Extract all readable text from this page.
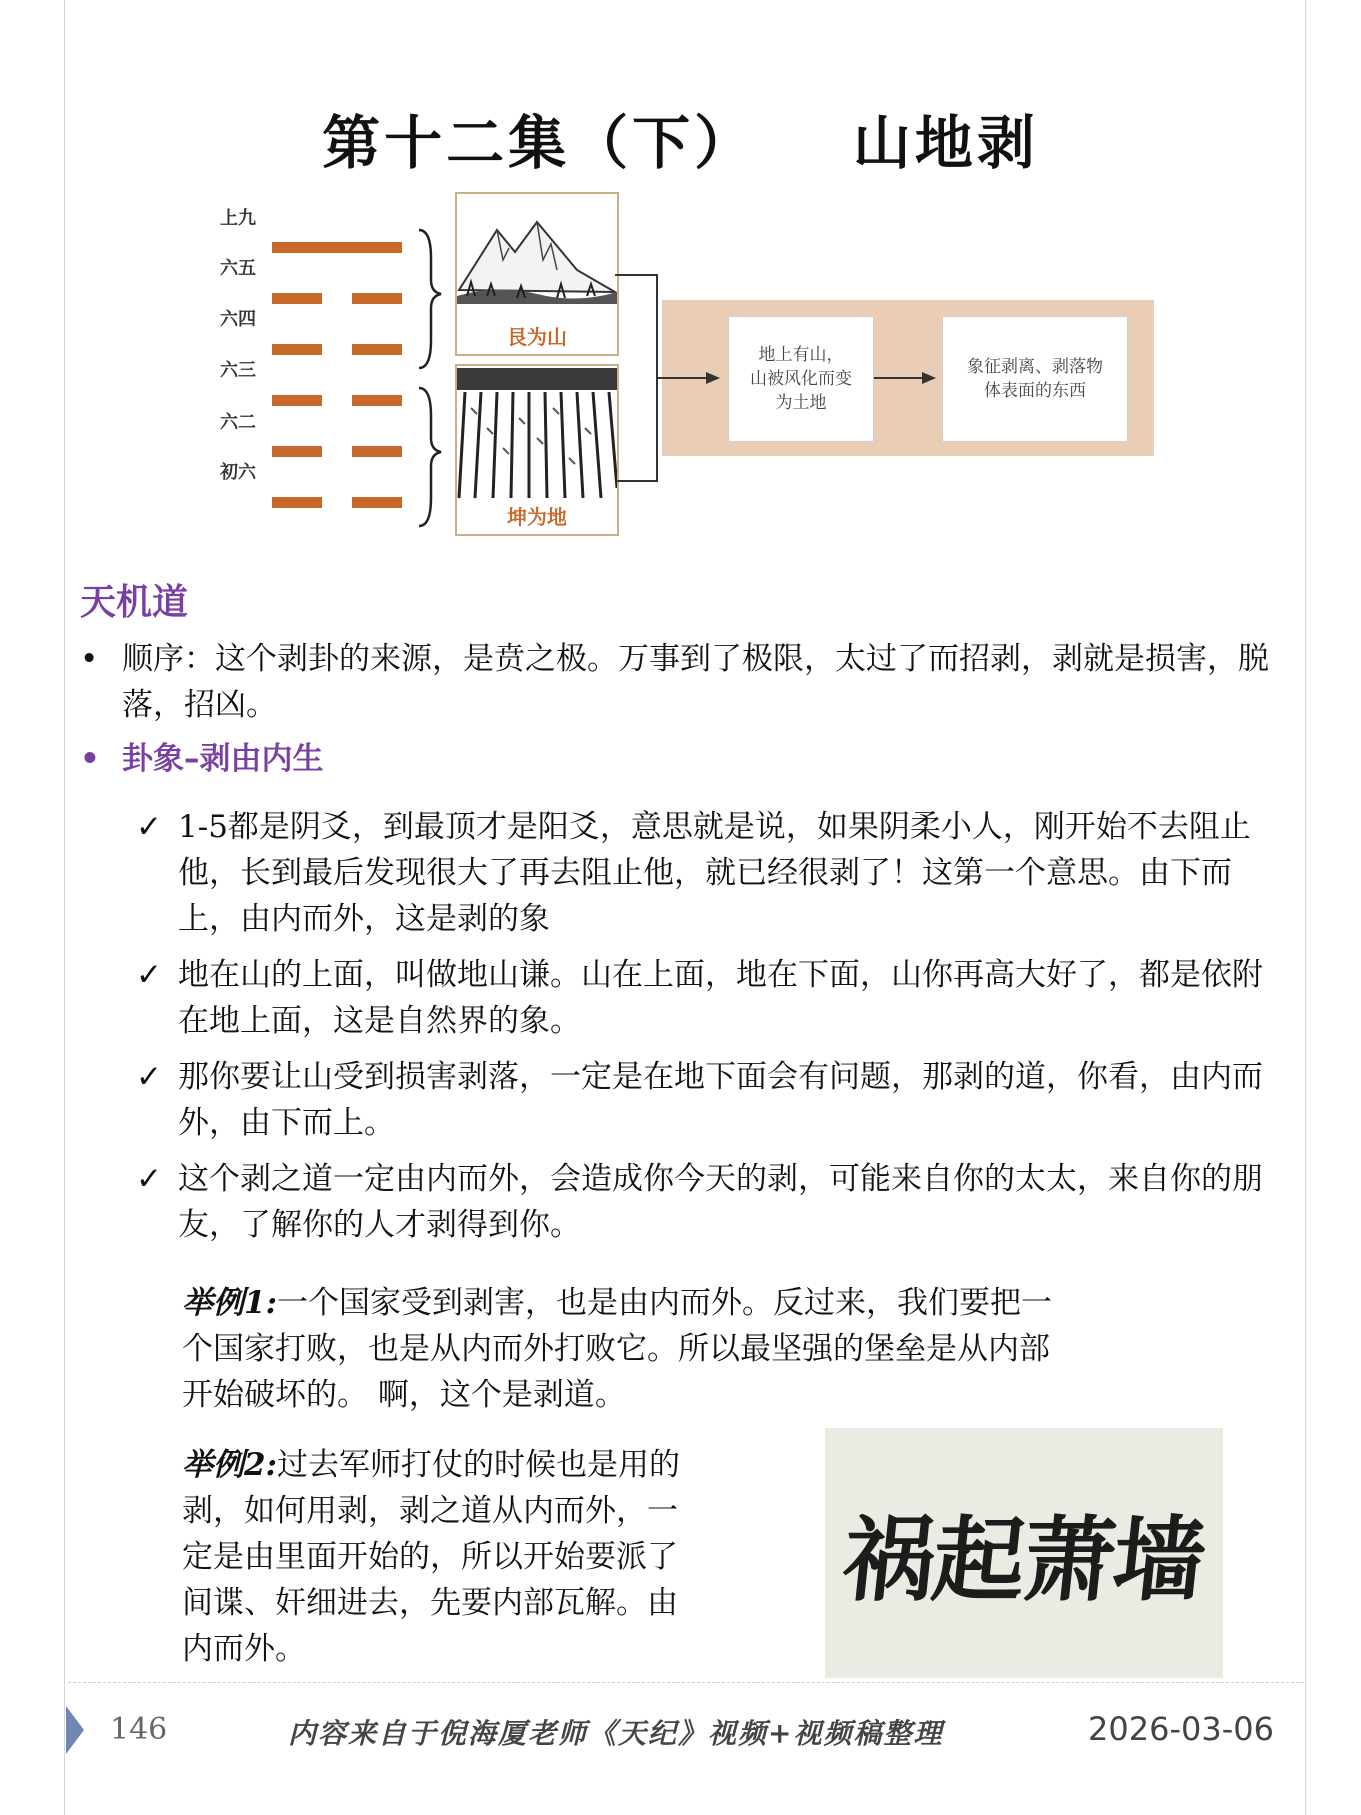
第十二集（下）    山地剥
上九
六五
六四
六三
六二
初六
艮为山
坤为地
地上有山，
山被风化而变
为土地
象征剥离、剥落物
体表面的东西
天机道
• 顺序：这个剥卦的来源，是贲之极。万事到了极限，太过了而招剥，剥就是损害，脱落，招凶。
• 卦象–剥由内生
✓ 1-5都是阴爻，到最顶才是阳爻，意思就是说，如果阴柔小人，刚开始不去阻止他，长到最后发现很大了再去阻止他，就已经很剥了！这第一个意思。由下而上，由内而外，这是剥的象
✓ 地在山的上面，叫做地山谦。山在上面，地在下面，山你再高大好了，都是依附在地上面，这是自然界的象。
✓ 那你要让山受到损害剥落，一定是在地下面会有问题，那剥的道，你看，由内而外，由下而上。
✓ 这个剥之道一定由内而外，会造成你今天的剥，可能来自你的太太，来自你的朋友，了解你的人才剥得到你。
举例1:一个国家受到剥害，也是由内而外。反过来，我们要把一
个国家打败，也是从内而外打败它。所以最坚强的堡垒是从内部
开始破坏的。 啊，这个是剥道。
举例2:过去军师打仗的时候也是用的
剥，如何用剥，剥之道从内而外，一
定是由里面开始的，所以开始要派了
间谍、奸细进去，先要内部瓦解。由
内而外。
祸起萧墙
146	内容来自于倪海厦老师《天纪》视频+视频稿整理	2026-03-06
